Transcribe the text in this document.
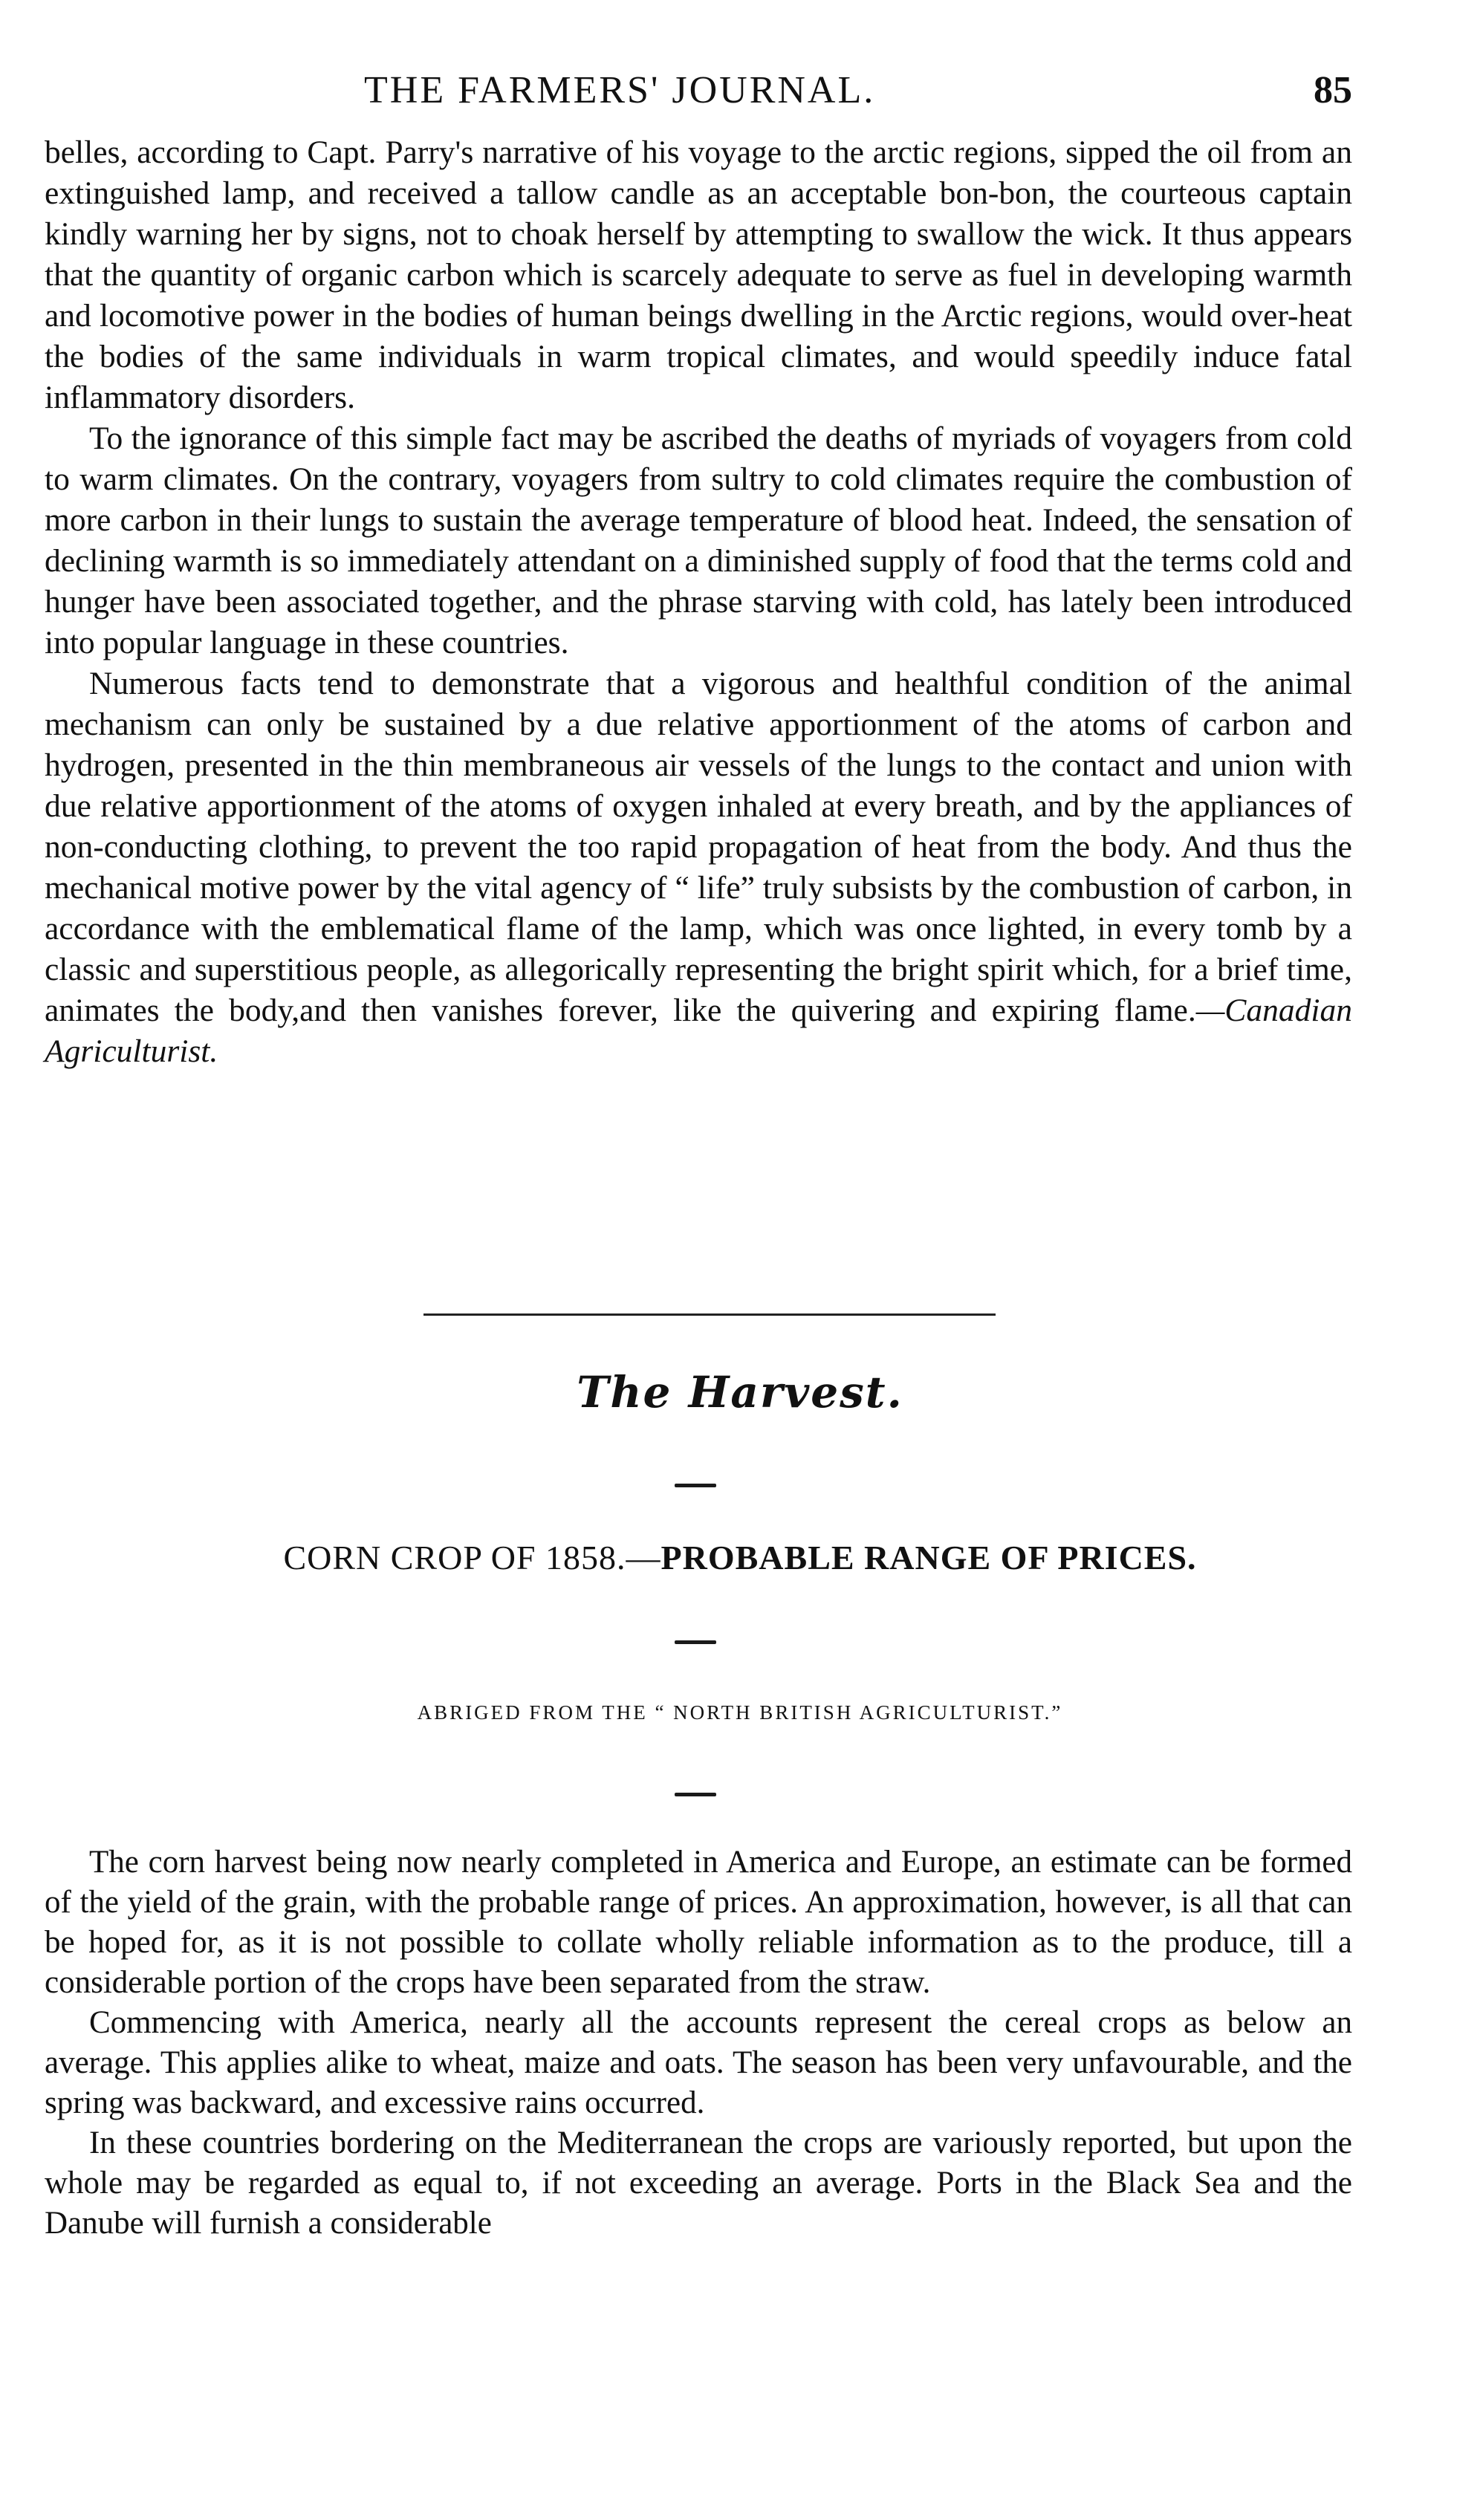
THE FARMERS' JOURNAL.	85

belles, according to Capt. Parry's narrative of his voyage to the arctic regions, sipped the oil from an extinguished lamp, and received a tallow candle as an acceptable bon-bon, the courteous captain kindly warning her by signs, not to choak herself by attempting to swallow the wick. It thus appears that the quantity of organic carbon which is scarcely adequate to serve as fuel in developing warmth and locomotive power in the bodies of human beings dwelling in the Arctic regions, would over-heat the bodies of the same individuals in warm tropical climates, and would speedily induce fatal inflammatory disorders.

To the ignorance of this simple fact may be ascribed the deaths of myriads of voyagers from cold to warm climates. On the contrary, voyagers from sultry to cold climates require the combustion of more carbon in their lungs to sustain the average temperature of blood heat. Indeed, the sensation of declining warmth is so immediately attendant on a diminished supply of food that the terms cold and hunger have been associated together, and the phrase starving with cold, has lately been introduced into popular language in these countries.

Numerous facts tend to demonstrate that a vigorous and healthful condition of the animal mechanism can only be sustained by a due relative apportionment of the atoms of carbon and hydrogen, presented in the thin membraneous air vessels of the lungs to the contact and union with due relative apportionment of the atoms of oxygen inhaled at every breath, and by the appliances of non-conducting clothing, to prevent the too rapid propagation of heat from the body. And thus the mechanical motive power by the vital agency of “ life” truly subsists by the combustion of carbon, in accordance with the emblematical flame of the lamp, which was once lighted, in every tomb by a classic and superstitious people, as allegorically representing the bright spirit which, for a brief time, animates the body,and then vanishes forever, like the quivering and expiring flame.—Canadian Agriculturist.

The Harvest.
CORN CROP OF 1858.—PROBABLE RANGE OF PRICES.
ABRIGED FROM THE “ NORTH BRITISH AGRICULTURIST.”

The corn harvest being now nearly completed in America and Europe, an estimate can be formed of the yield of the grain, with the probable range of prices. An approximation, however, is all that can be hoped for, as it is not possible to collate wholly reliable information as to the produce, till a considerable portion of the crops have been separated from the straw.

Commencing with America, nearly all the accounts represent the cereal crops as below an average. This applies alike to wheat, maize and oats. The season has been very unfavourable, and the spring was backward, and excessive rains occurred.

In these countries bordering on the Mediterranean the crops are variously reported, but upon the whole may be regarded as equal to, if not exceeding an average. Ports in the Black Sea and the Danube will furnish a considerable
